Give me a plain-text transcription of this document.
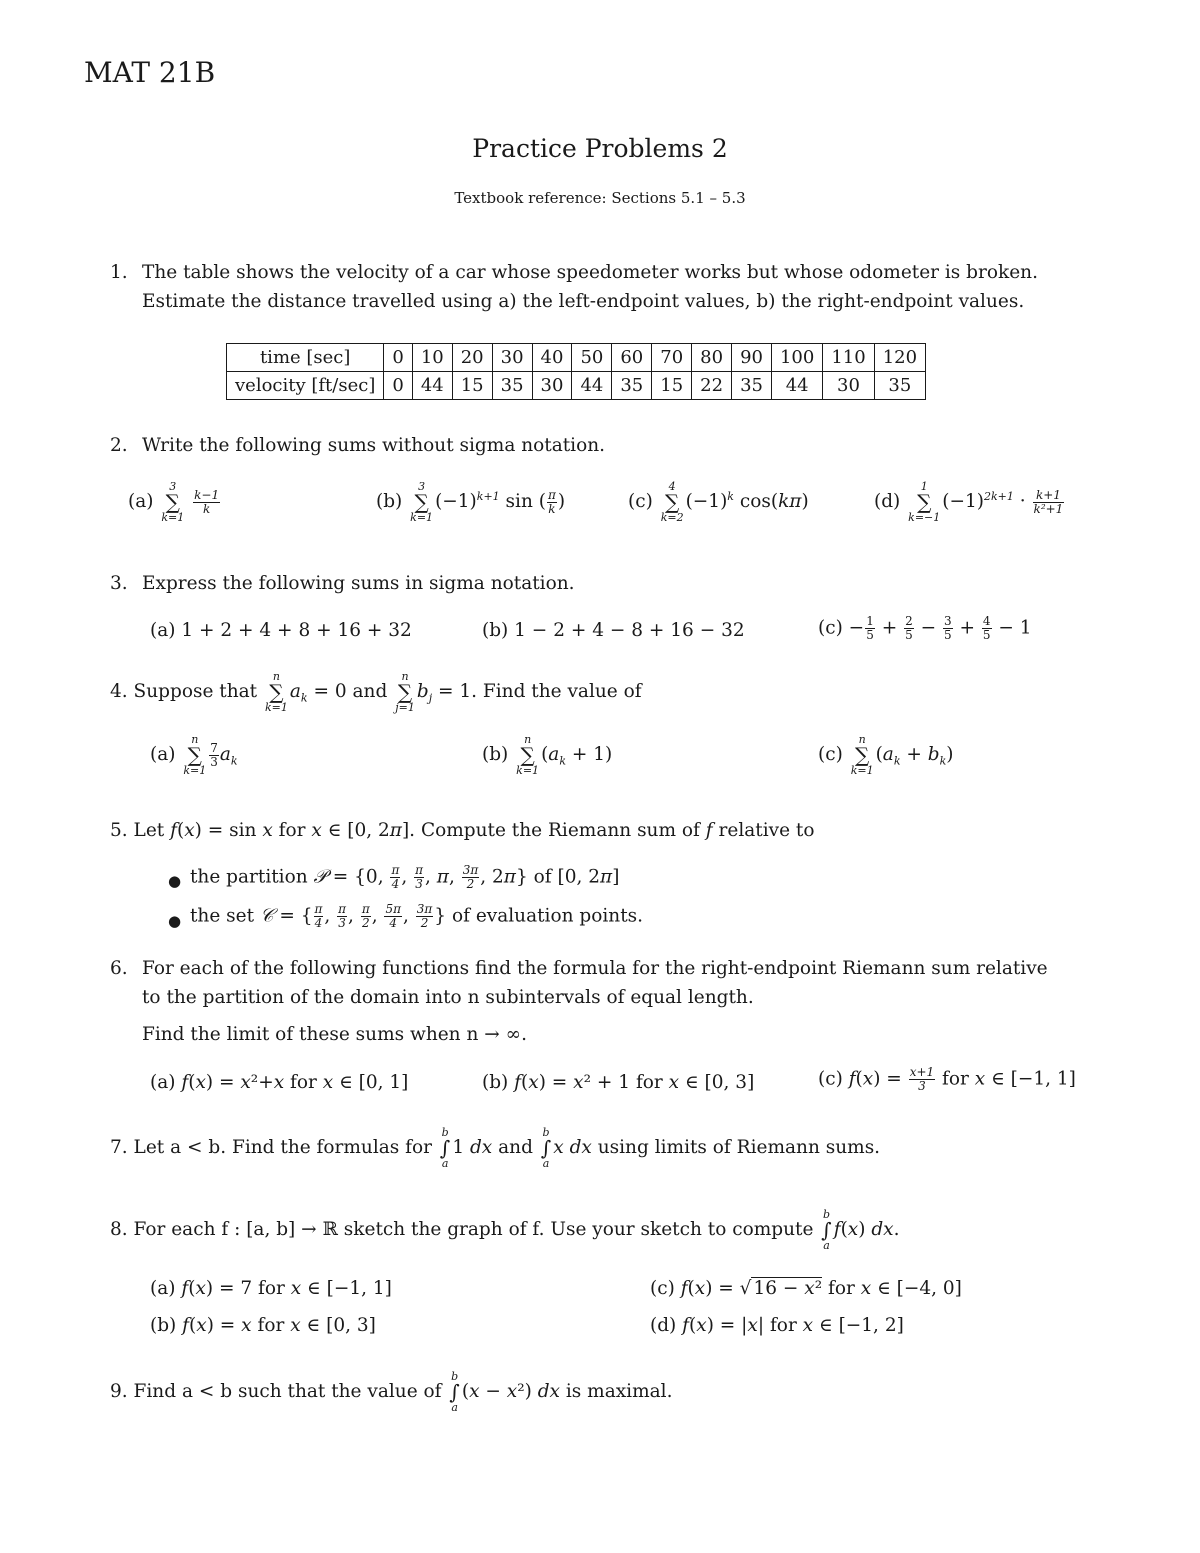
MAT 21B
Practice Problems 2
Textbook reference: Sections 5.1 – 5.3
1. The table shows the velocity of a car whose speedometer works but whose odometer is broken.
Estimate the distance travelled using a) the left-endpoint values, b) the right-endpoint values.
time [sec]	0	10	20	30	40	50	60	70	80	90	100	110	120
velocity [ft/sec]	0	44	15	35	30	44	35	15	22	35	44	30	35
2. Write the following sums without sigma notation.
(a)
3
∑
k=1

$\frac{k-1}{k}$	(b)
3
∑
k=1
$(-1)^{k+1}$ sin ( $\frac{\pi}{k}$ )	(c)
4
∑
k=2
$(-1)^k$ cos(kπ)	(d)
1
∑
k=−1
$(-1)^{2k+1} \cdot \frac{k+1}{\text{k²+1}}$
3. Express the following sums in sigma notation.
(a) 1 + 2 + 4 + 8 + 16 + 32	(b) 1 − 2 + 4 − 8 + 16 − 32	$(c) - \frac{1}{5} + \frac{2}{5} - \frac{3}{5} + \frac{4}{5} - 1$
4. Suppose that
n
∑
k=1
$a_k = 0$ and
n
∑
j=1
$b_j = 1$. Find the value of
(a)
n
∑
k=1
$\frac{7}{3} a_k$	(b)
n
∑
k=1
$(a_k + 1)$	(c)
n
∑
k=1
$(a_k + b_k)$
5. Let f(x) = sin x for x ∈ [0, 2π]. Compute the Riemann sum of f relative to
● the partition 𝒫 = {0, $\frac{\pi}{4}$ , $\frac{\pi}{3}$ , π, $\frac{3\pi}{2}$ , 2π} of [0, 2π]
● the set 𝒞 = { $\frac{\pi}{4}$ , $\frac{\pi}{3}$ , $\frac{\pi}{2}$ , $\frac{5\pi}{4}$ , $\frac{3\pi}{2}$ } of evaluation points.
6. For each of the following functions find the formula for the right-endpoint Riemann sum relative
to the partition of the domain into n subintervals of equal length.
Find the limit of these sums when n → ∞.
(a) f(x) = x²+x for x ∈ [0, 1]	(b) f(x) = x² + 1 for x ∈ [0, 3]	(c) $f(x) = \frac{x+1}{3}$ for x ∈ [−1, 1]
7. Let a < b. Find the formulas for
b
∫
a
1 dx and
b
∫
a
x dx using limits of Riemann sums.
8. For each f : [a, b] → ℝ sketch the graph of f. Use your sketch to compute
b
∫
a
f(x) dx.
(a) f(x) = 7 for x ∈ [−1, 1]	(c) f(x) = √ 16 − x² for x ∈ [−4, 0]
(b) f(x) = x for x ∈ [0, 3]	(d) f(x) = |x| for x ∈ [−1, 2]
9. Find a < b such that the value of
b
∫
a
(x − x²) dx is maximal.
